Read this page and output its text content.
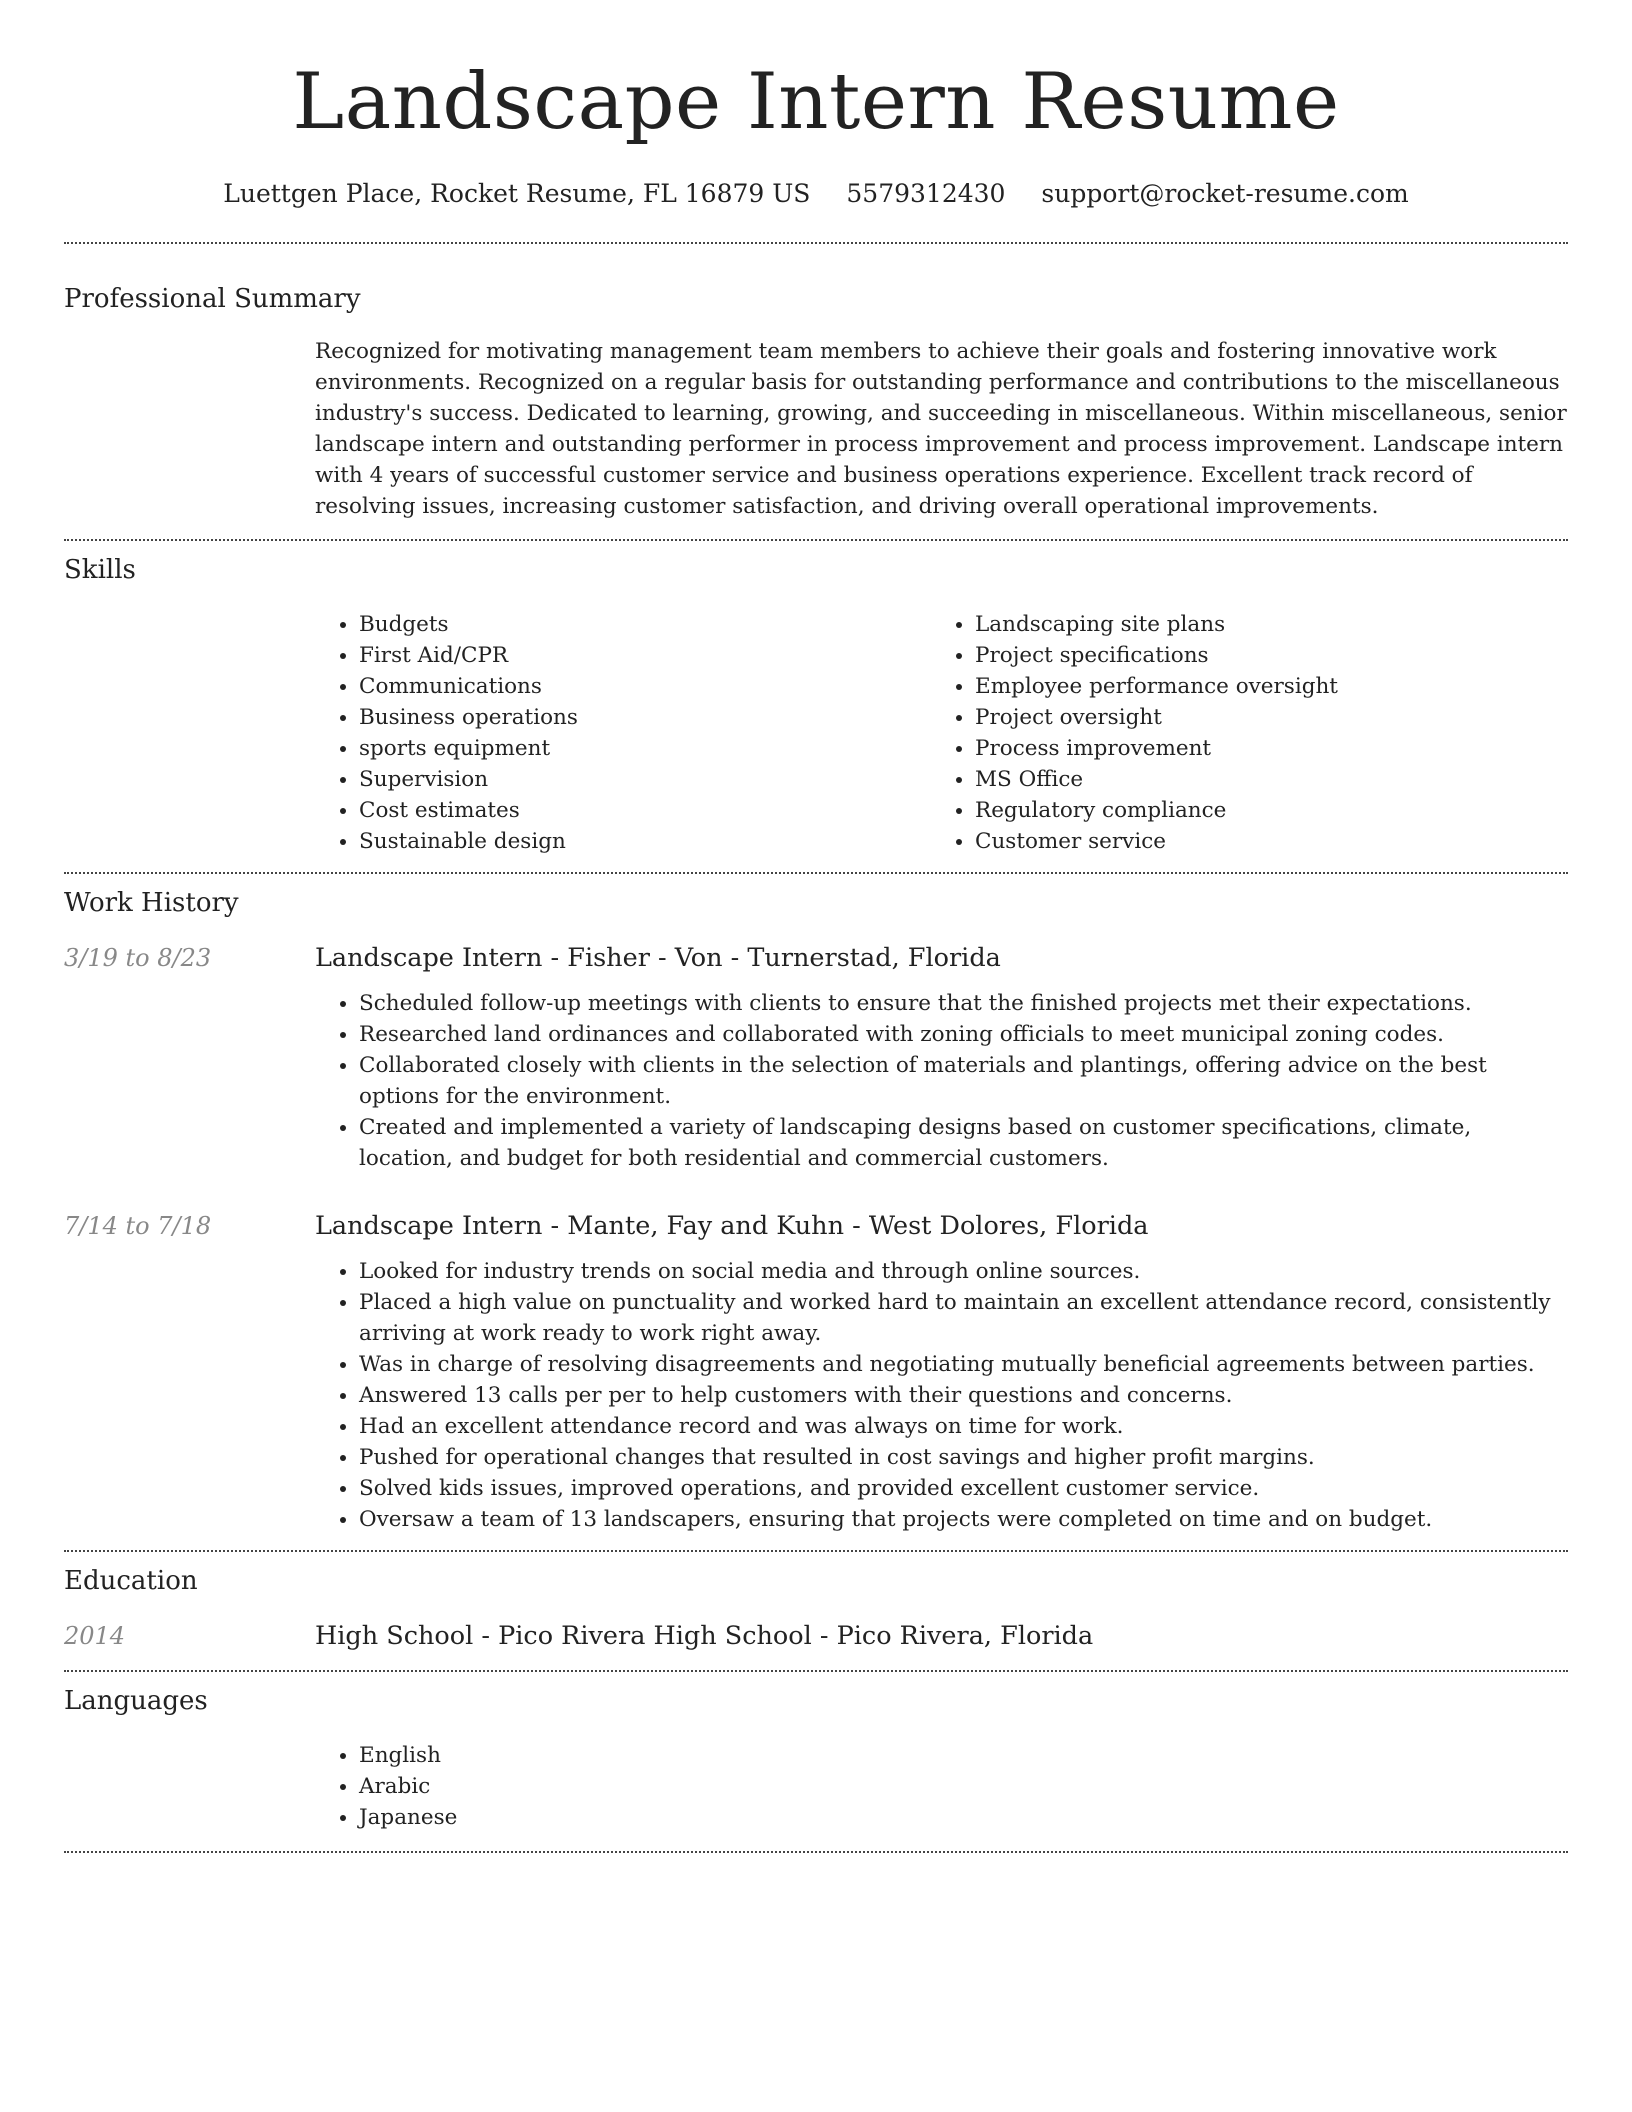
Landscape Intern Resume
Luettgen Place, Rocket Resume, FL 16879 US 5579312430 support@rocket-resume.com
Professional Summary

Recognized for motivating management team members to achieve their goals and fostering innovative work environments. Recognized on a regular basis for outstanding performance and contributions to the miscellaneous industry's success. Dedicated to learning, growing, and succeeding in miscellaneous. Within miscellaneous, senior landscape intern and outstanding performer in process improvement and process improvement. Landscape intern with 4 years of successful customer service and business operations experience. Excellent track record of resolving issues, increasing customer satisfaction, and driving overall operational improvements.

Skills
• Budgets
• First Aid/CPR
• Communications
• Business operations
• sports equipment
• Supervision
• Cost estimates
• Sustainable design
• Landscaping site plans
• Project specifications
• Employee performance oversight
• Project oversight
• Process improvement
• MS Office
• Regulatory compliance
• Customer service
Work History
3/19 to 8/23	Landscape Intern - Fisher - Von - Turnerstad, Florida
• Scheduled follow-up meetings with clients to ensure that the finished projects met their expectations.
• Researched land ordinances and collaborated with zoning officials to meet municipal zoning codes.
• Collaborated closely with clients in the selection of materials and plantings, offering advice on the best options for the environment.
• Created and implemented a variety of landscaping designs based on customer specifications, climate, location, and budget for both residential and commercial customers.
7/14 to 7/18	Landscape Intern - Mante, Fay and Kuhn - West Dolores, Florida
• Looked for industry trends on social media and through online sources.
• Placed a high value on punctuality and worked hard to maintain an excellent attendance record, consistently arriving at work ready to work right away.
• Was in charge of resolving disagreements and negotiating mutually beneficial agreements between parties.
• Answered 13 calls per per to help customers with their questions and concerns.
• Had an excellent attendance record and was always on time for work.
• Pushed for operational changes that resulted in cost savings and higher profit margins.
• Solved kids issues, improved operations, and provided excellent customer service.
• Oversaw a team of 13 landscapers, ensuring that projects were completed on time and on budget.
Education
2014	High School - Pico Rivera High School - Pico Rivera, Florida
Languages
• English
• Arabic
• Japanese
